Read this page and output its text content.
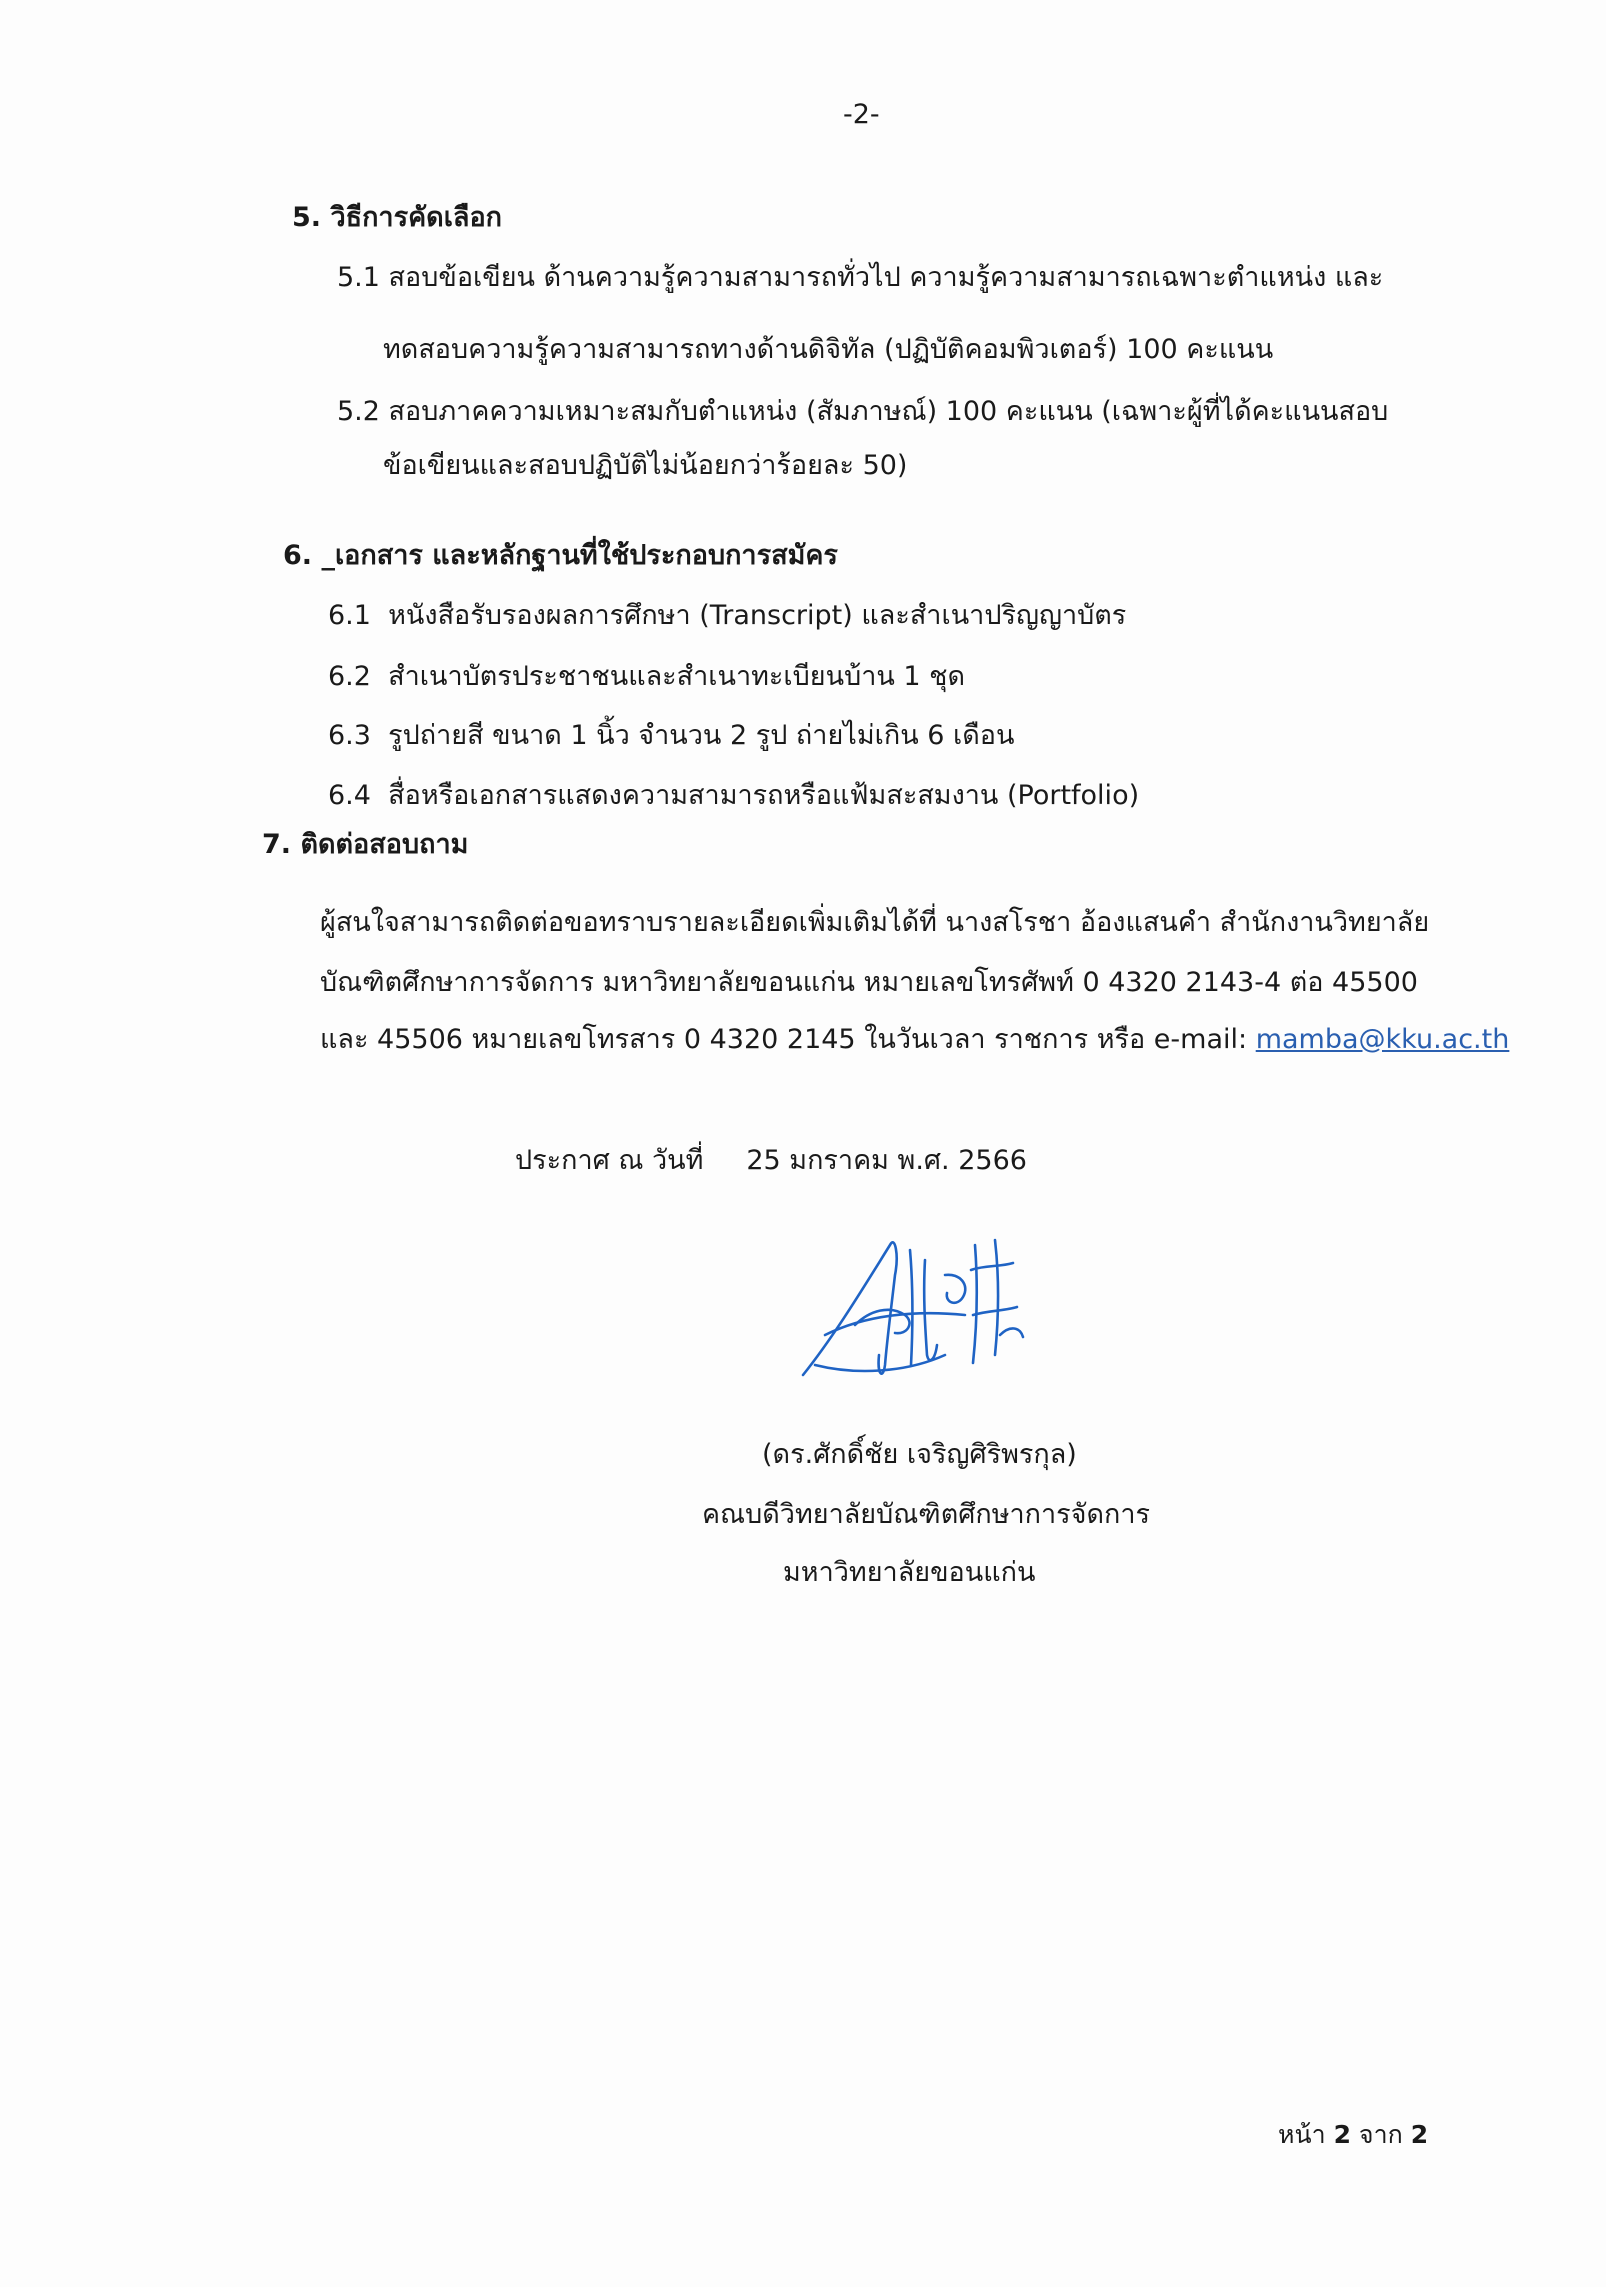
-2-
5. วิธีการคัดเลือก
5.1 สอบข้อเขียน ด้านความรู้ความสามารถทั่วไป ความรู้ความสามารถเฉพาะตำแหน่ง และ
ทดสอบความรู้ความสามารถทางด้านดิจิทัล (ปฏิบัติคอมพิวเตอร์) 100 คะแนน
5.2 สอบภาคความเหมาะสมกับตำแหน่ง (สัมภาษณ์) 100 คะแนน (เฉพาะผู้ที่ได้คะแนนสอบ
ข้อเขียนและสอบปฏิบัติไม่น้อยกว่าร้อยละ 50)
6. _เอกสาร และหลักฐานที่ใช้ประกอบการสมัคร
6.1 หนังสือรับรองผลการศึกษา (Transcript) และสำเนาปริญญาบัตร
6.2 สำเนาบัตรประชาชนและสำเนาทะเบียนบ้าน 1 ชุด
6.3 รูปถ่ายสี ขนาด 1 นิ้ว จำนวน 2 รูป ถ่ายไม่เกิน 6 เดือน
6.4 สื่อหรือเอกสารแสดงความสามารถหรือแฟ้มสะสมงาน (Portfolio)
7. ติดต่อสอบถาม
ผู้สนใจสามารถติดต่อขอทราบรายละเอียดเพิ่มเติมได้ที่ นางสโรชา อ้องแสนคำ สำนักงานวิทยาลัย
บัณฑิตศึกษาการจัดการ มหาวิทยาลัยขอนแก่น หมายเลขโทรศัพท์ 0 4320 2143-4 ต่อ 45500
และ 45506 หมายเลขโทรสาร 0 4320 2145 ในวันเวลา ราชการ หรือ e-mail: mamba@kku.ac.th
ประกาศ ณ วันที่ 25 มกราคม พ.ศ. 2566
(ดร.ศักดิ์ชัย เจริญศิริพรกุล)
คณบดีวิทยาลัยบัณฑิตศึกษาการจัดการ
มหาวิทยาลัยขอนแก่น
หน้า 2 จาก 2
